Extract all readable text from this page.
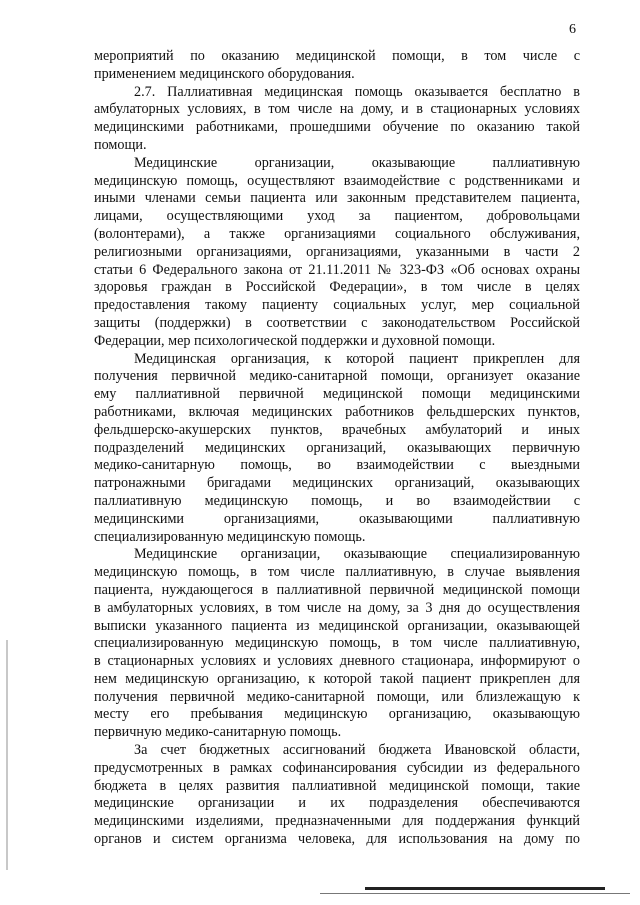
6
мероприятий по оказанию медицинской помощи, в том числе с
применением медицинского оборудования.
2.7. Паллиативная медицинская помощь оказывается бесплатно в
амбулаторных условиях, в том числе на дому, и в стационарных условиях
медицинскими работниками, прошедшими обучение по оказанию такой
помощи.
Медицинские организации, оказывающие паллиативную
медицинскую помощь, осуществляют взаимодействие с родственниками и
иными членами семьи пациента или законным представителем пациента,
лицами, осуществляющими уход за пациентом, добровольцами
(волонтерами), а также организациями социального обслуживания,
религиозными организациями, организациями, указанными в части 2
статьи 6 Федерального закона от 21.11.2011 № 323-ФЗ «Об основах охраны
здоровья граждан в Российской Федерации», в том числе в целях
предоставления такому пациенту социальных услуг, мер социальной
защиты (поддержки) в соответствии с законодательством Российской
Федерации, мер психологической поддержки и духовной помощи.
Медицинская организация, к которой пациент прикреплен для
получения первичной медико-санитарной помощи, организует оказание
ему паллиативной первичной медицинской помощи медицинскими
работниками, включая медицинских работников фельдшерских пунктов,
фельдшерско-акушерских пунктов, врачебных амбулаторий и иных
подразделений медицинских организаций, оказывающих первичную
медико-санитарную помощь, во взаимодействии с выездными
патронажными бригадами медицинских организаций, оказывающих
паллиативную медицинскую помощь, и во взаимодействии с
медицинскими организациями, оказывающими паллиативную
специализированную медицинскую помощь.
Медицинские организации, оказывающие специализированную
медицинскую помощь, в том числе паллиативную, в случае выявления
пациента, нуждающегося в паллиативной первичной медицинской помощи
в амбулаторных условиях, в том числе на дому, за 3 дня до осуществления
выписки указанного пациента из медицинской организации, оказывающей
специализированную медицинскую помощь, в том числе паллиативную,
в стационарных условиях и условиях дневного стационара, информируют о
нем медицинскую организацию, к которой такой пациент прикреплен для
получения первичной медико-санитарной помощи, или близлежащую к
месту его пребывания медицинскую организацию, оказывающую
первичную медико-санитарную помощь.
За счет бюджетных ассигнований бюджета Ивановской области,
предусмотренных в рамках софинансирования субсидии из федерального
бюджета в целях развития паллиативной медицинской помощи, такие
медицинские организации и их подразделения обеспечиваются
медицинскими изделиями, предназначенными для поддержания функций
органов и систем организма человека, для использования на дому по
